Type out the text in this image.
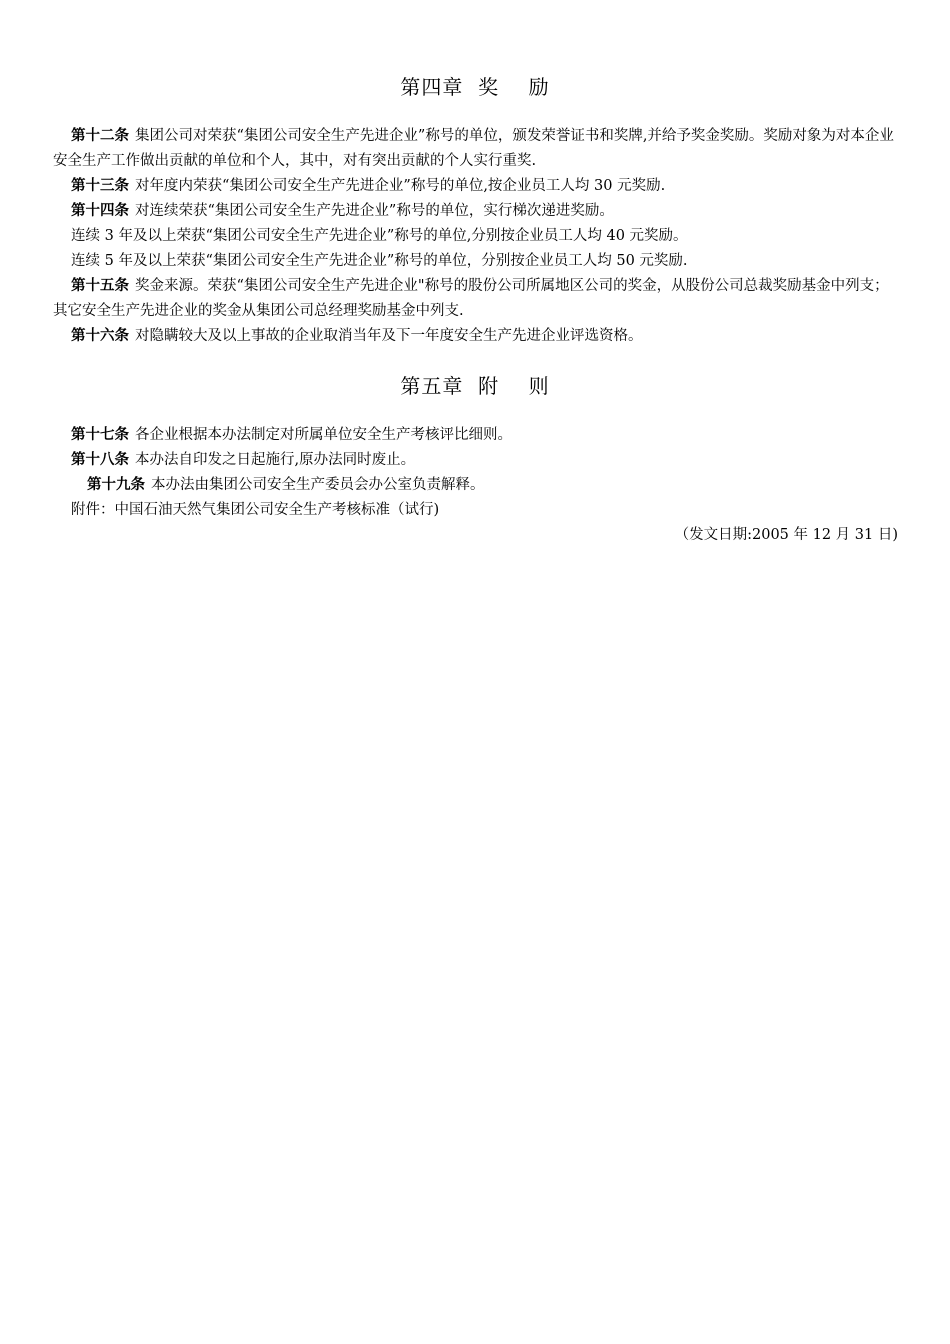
第四章  奖    励
第十二条 集团公司对荣获“集团公司安全生产先进企业”称号的单位，颁发荣誉证书和奖牌,并给予奖金奖励。奖励对象为对本企业安全生产工作做出贡献的单位和个人，其中，对有突出贡献的个人实行重奖.
第十三条 对年度内荣获“集团公司安全生产先进企业”称号的单位,按企业员工人均 30 元奖励.
第十四条 对连续荣获“集团公司安全生产先进企业”称号的单位，实行梯次递进奖励。
连续 3 年及以上荣获“集团公司安全生产先进企业”称号的单位,分别按企业员工人均 40 元奖励。
连续 5 年及以上荣获“集团公司安全生产先进企业”称号的单位，分别按企业员工人均 50 元奖励.
第十五条 奖金来源。荣获“集团公司安全生产先进企业"称号的股份公司所属地区公司的奖金，从股份公司总裁奖励基金中列支；其它安全生产先进企业的奖金从集团公司总经理奖励基金中列支.
第十六条 对隐瞒较大及以上事故的企业取消当年及下一年度安全生产先进企业评选资格。
第五章  附    则
第十七条 各企业根据本办法制定对所属单位安全生产考核评比细则。
第十八条 本办法自印发之日起施行,原办法同时废止。
第十九条 本办法由集团公司安全生产委员会办公室负责解释。
附件：中国石油天然气集团公司安全生产考核标准（试行)
（发文日期:2005 年 12 月 31 日)
